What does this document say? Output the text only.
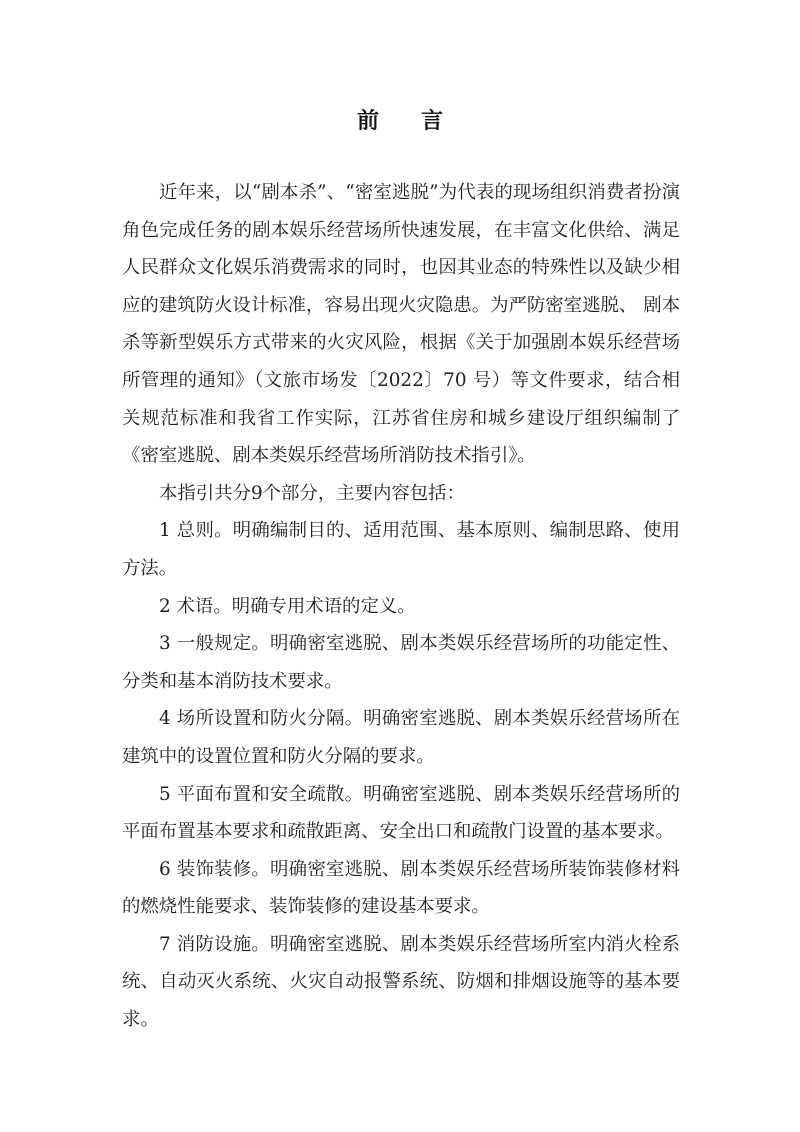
前言

近年来，以“剧本杀”、“密室逃脱”为代表的现场组织消费者扮演角色完成任务的剧本娱乐经营场所快速发展，在丰富文化供给、满足人民群众文化娱乐消费需求的同时，也因其业态的特殊性以及缺少相应的建筑防火设计标准，容易出现火灾隐患。为严防密室逃脱、 剧本杀等新型娱乐方式带来的火灾风险，根据《关于加强剧本娱乐经营场所管理的通知》（文旅市场发〔2022〕70 号）等文件要求，结合相关规范标准和我省工作实际，江苏省住房和城乡建设厅组织编制了《密室逃脱、剧本类娱乐经营场所消防技术指引》。

本指引共分9个部分，主要内容包括：

1 总则。明确编制目的、适用范围、基本原则、编制思路、使用方法。

2 术语。明确专用术语的定义。

3 一般规定。明确密室逃脱、剧本类娱乐经营场所的功能定性、分类和基本消防技术要求。

4 场所设置和防火分隔。明确密室逃脱、剧本类娱乐经营场所在建筑中的设置位置和防火分隔的要求。

5 平面布置和安全疏散。明确密室逃脱、剧本类娱乐经营场所的平面布置基本要求和疏散距离、安全出口和疏散门设置的基本要求。

6 装饰装修。明确密室逃脱、剧本类娱乐经营场所装饰装修材料的燃烧性能要求、装饰装修的建设基本要求。

7 消防设施。明确密室逃脱、剧本类娱乐经营场所室内消火栓系统、自动灭火系统、火灾自动报警系统、防烟和排烟设施等的基本要求。
